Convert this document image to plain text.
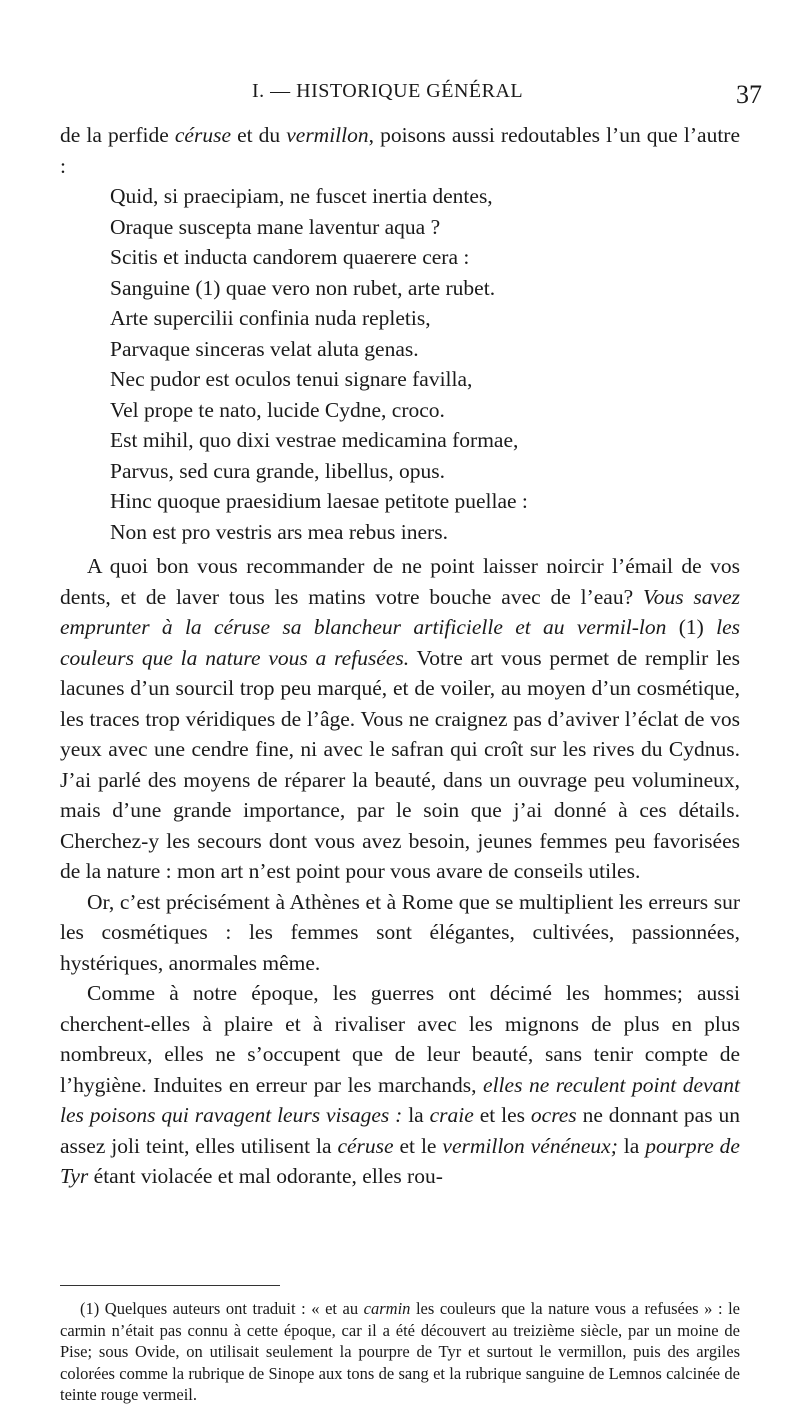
I. — HISTORIQUE GÉNÉRAL	37

de la perfide céruse et du vermillon, poisons aussi redoutables l’un que l’autre :

Quid, si praecipiam, ne fuscet inertia dentes,
Oraque suscepta mane laventur aqua ?
Scitis et inducta candorem quaerere cera :
Sanguine (1) quae vero non rubet, arte rubet.
Arte supercilii confinia nuda repletis,
Parvaque sinceras velat aluta genas.
Nec pudor est oculos tenui signare favilla,
Vel prope te nato, lucide Cydne, croco.
Est mihil, quo dixi vestrae medicamina formae,
Parvus, sed cura grande, libellus, opus.
Hinc quoque praesidium laesae petitote puellae :
Non est pro vestris ars mea rebus iners.

A quoi bon vous recommander de ne point laisser noircir l’émail de vos dents, et de laver tous les matins votre bouche avec de l’eau? Vous savez emprunter à la céruse sa blancheur artificielle et au vermil-lon (1) les couleurs que la nature vous a refusées. Votre art vous permet de remplir les lacunes d’un sourcil trop peu marqué, et de voiler, au moyen d’un cosmétique, les traces trop véridiques de l’âge. Vous ne craignez pas d’aviver l’éclat de vos yeux avec une cendre fine, ni avec le safran qui croît sur les rives du Cydnus. J’ai parlé des moyens de réparer la beauté, dans un ouvrage peu volumineux, mais d’une grande importance, par le soin que j’ai donné à ces détails. Cherchez-y les secours dont vous avez besoin, jeunes femmes peu favorisées de la nature : mon art n’est point pour vous avare de conseils utiles.

Or, c’est précisément à Athènes et à Rome que se multiplient les erreurs sur les cosmétiques : les femmes sont élégantes, cultivées, passionnées, hystériques, anormales même.

Comme à notre époque, les guerres ont décimé les hommes; aussi cherchent-elles à plaire et à rivaliser avec les mignons de plus en plus nombreux, elles ne s’occupent que de leur beauté, sans tenir compte de l’hygiène. Induites en erreur par les marchands, elles ne reculent point devant les poisons qui ravagent leurs visages : la craie et les ocres ne donnant pas un assez joli teint, elles utilisent la céruse et le vermillon vénéneux; la pourpre de Tyr étant violacée et mal odorante, elles rou-

(1) Quelques auteurs ont traduit : « et au carmin les couleurs que la nature vous a refusées » : le carmin n’était pas connu à cette époque, car il a été découvert au treizième siècle, par un moine de Pise; sous Ovide, on utilisait seulement la pourpre de Tyr et surtout le vermillon, puis des argiles colorées comme la rubrique de Sinope aux tons de sang et la rubrique sanguine de Lemnos calcinée de teinte rouge vermeil.
